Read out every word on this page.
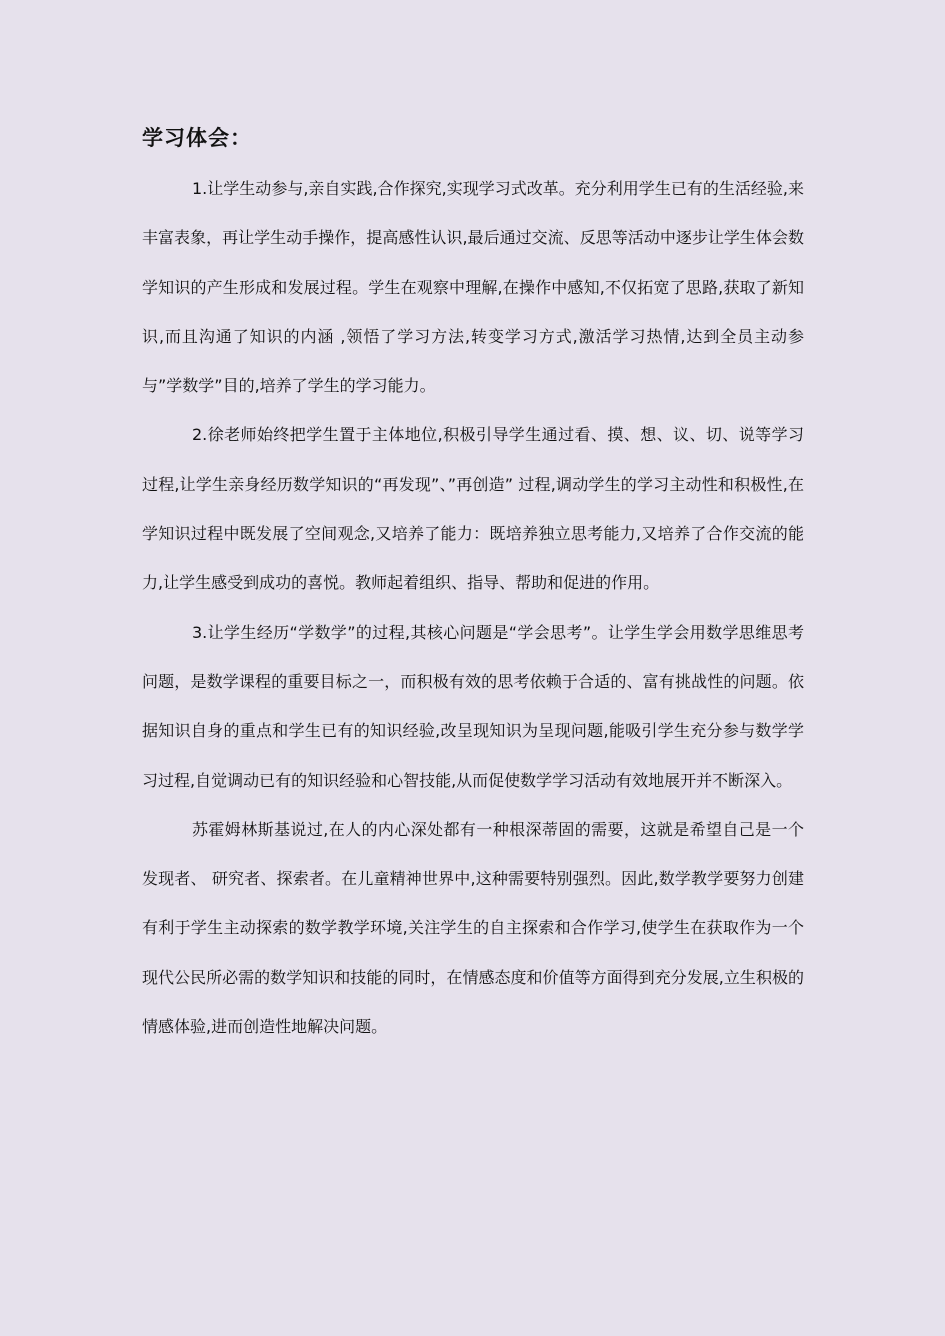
学习体会：

1.让学生动参与,亲自实践,合作探究,实现学习式改革。充分利用学生已有的生活经验,来丰富表象，再让学生动手操作，提高感性认识,最后通过交流、反思等活动中逐步让学生体会数学知识的产生形成和发展过程。学生在观察中理解,在操作中感知,不仅拓宽了思路,获取了新知识,而且沟通了知识的内涵 ,领悟了学习方法,转变学习方式,激活学习热情,达到全员主动参与”学数学”目的,培养了学生的学习能力。

2.徐老师始终把学生置于主体地位,积极引导学生通过看、摸、想、议、切、说等学习过程,让学生亲身经历数学知识的“再发现”、”再创造” 过程,调动学生的学习主动性和积极性,在学知识过程中既发展了空间观念,又培养了能力：既培养独立思考能力,又培养了合作交流的能力,让学生感受到成功的喜悦。教师起着组织、指导、帮助和促进的作用。

3.让学生经历“学数学”的过程,其核心问题是“学会思考”。让学生学会用数学思维思考问题，是数学课程的重要目标之一，而积极有效的思考依赖于合适的、富有挑战性的问题。依据知识自身的重点和学生已有的知识经验,改呈现知识为呈现问题,能吸引学生充分参与数学学习过程,自觉调动已有的知识经验和心智技能,从而促使数学学习活动有效地展开并不断深入。

苏霍姆林斯基说过,在人的内心深处都有一种根深蒂固的需要，这就是希望自己是一个发现者、 研究者、探索者。在儿童精神世界中,这种需要特别强烈。因此,数学教学要努力创建有利于学生主动探索的数学教学环境,关注学生的自主探索和合作学习,使学生在获取作为一个现代公民所必需的数学知识和技能的同时，在情感态度和价值等方面得到充分发展,立生积极的情感体验,进而创造性地解决问题。
